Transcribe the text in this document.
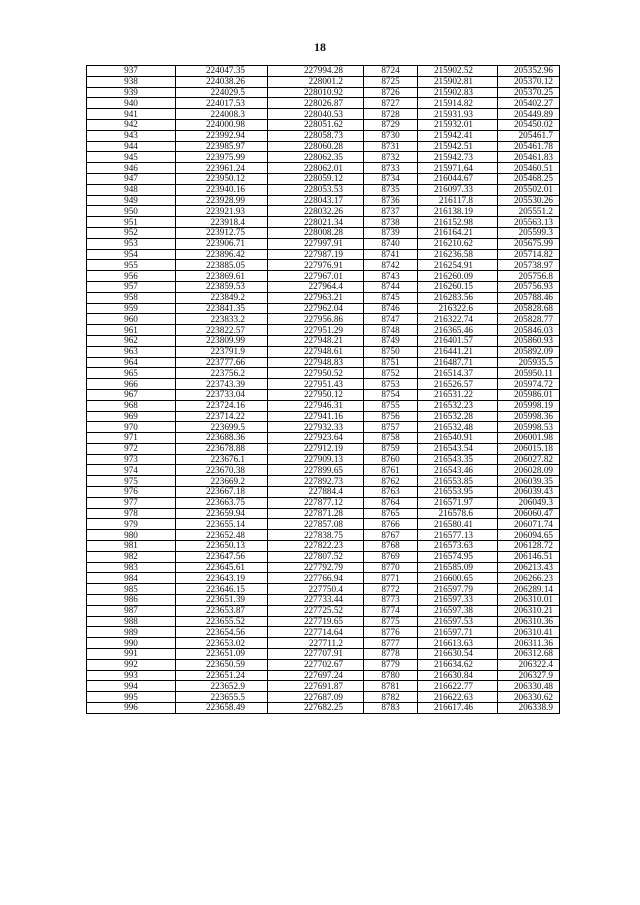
18
937	224047.35	227994.28	8724	215902.52	205352.96
938	224038.26	228001.2	8725	215902.81	205370.12
939	224029.5	228010.92	8726	215902.83	205370.25
940	224017.53	228026.87	8727	215914.82	205402.27
941	224008.3	228040.53	8728	215931.93	205449.89
942	224000.98	228051.62	8729	215932.01	205450.02
943	223992.94	228058.73	8730	215942.41	205461.7
944	223985.97	228060.28	8731	215942.51	205461.78
945	223975.99	228062.35	8732	215942.73	205461.83
946	223961.24	228062.01	8733	215971.64	205460.51
947	223950.12	228059.12	8734	216044.67	205468.25
948	223940.16	228053.53	8735	216097.33	205502.01
949	223928.99	228043.17	8736	216117.8	205530.26
950	223921.93	228032.26	8737	216138.19	205551.2
951	223918.4	228021.34	8738	216152.98	205563.13
952	223912.75	228008.28	8739	216164.21	205599.3
953	223906.71	227997.91	8740	216210.62	205675.99
954	223896.42	227987.19	8741	216236.58	205714.82
955	223885.05	227976.91	8742	216254.91	205738.97
956	223869.61	227967.01	8743	216260.09	205756.8
957	223859.53	227964.4	8744	216260.15	205756.93
958	223849.2	227963.21	8745	216283.56	205788.46
959	223841.35	227962.04	8746	216322.6	205828.68
960	223833.2	227956.86	8747	216322.74	205828.77
961	223822.57	227951.29	8748	216365.46	205846.03
962	223809.99	227948.21	8749	216401.57	205860.93
963	223791.9	227948.61	8750	216441.21	205892.09
964	223777.66	227948.83	8751	216487.71	205935.5
965	223756.2	227950.52	8752	216514.37	205950.11
966	223743.39	227951.43	8753	216526.57	205974.72
967	223733.04	227950.12	8754	216531.22	205986.01
968	223724.16	227946.31	8755	216532.23	205998.19
969	223714.22	227941.16	8756	216532.28	205998.36
970	223699.5	227932.33	8757	216532.48	205998.53
971	223688.36	227923.64	8758	216540.91	206001.98
972	223678.88	227912.19	8759	216543.54	206015.18
973	223676.1	227909.13	8760	216543.35	206027.82
974	223670.38	227899.65	8761	216543.46	206028.09
975	223669.2	227892.73	8762	216553.85	206039.35
976	223667.18	227884.4	8763	216553.95	206039.43
977	223663.75	227877.12	8764	216571.97	206049.3
978	223659.94	227871.28	8765	216578.6	206060.47
979	223655.14	227857.08	8766	216580.41	206071.74
980	223652.48	227838.75	8767	216577.13	206094.65
981	223650.13	227822.23	8768	216573.63	206128.72
982	223647.56	227807.52	8769	216574.95	206146.51
983	223645.61	227792.79	8770	216585.09	206213.43
984	223643.19	227766.94	8771	216600.65	206266.23
985	223646.15	227750.4	8772	216597.79	206289.14
986	223651.39	227733.44	8773	216597.33	206310.01
987	223653.87	227725.52	8774	216597.38	206310.21
988	223655.52	227719.65	8775	216597.53	206310.36
989	223654.56	227714.64	8776	216597.71	206310.41
990	223653.02	227711.2	8777	216613.63	206311.36
991	223651.09	227707.91	8778	216630.54	206312.68
992	223650.59	227702.67	8779	216634.62	206322.4
993	223651.24	227697.24	8780	216630.84	206327.9
994	223652.9	227691.87	8781	216622.77	206330.48
995	223655.5	227687.09	8782	216622.63	206330.62
996	223658.49	227682.25	8783	216617.46	206338.9
